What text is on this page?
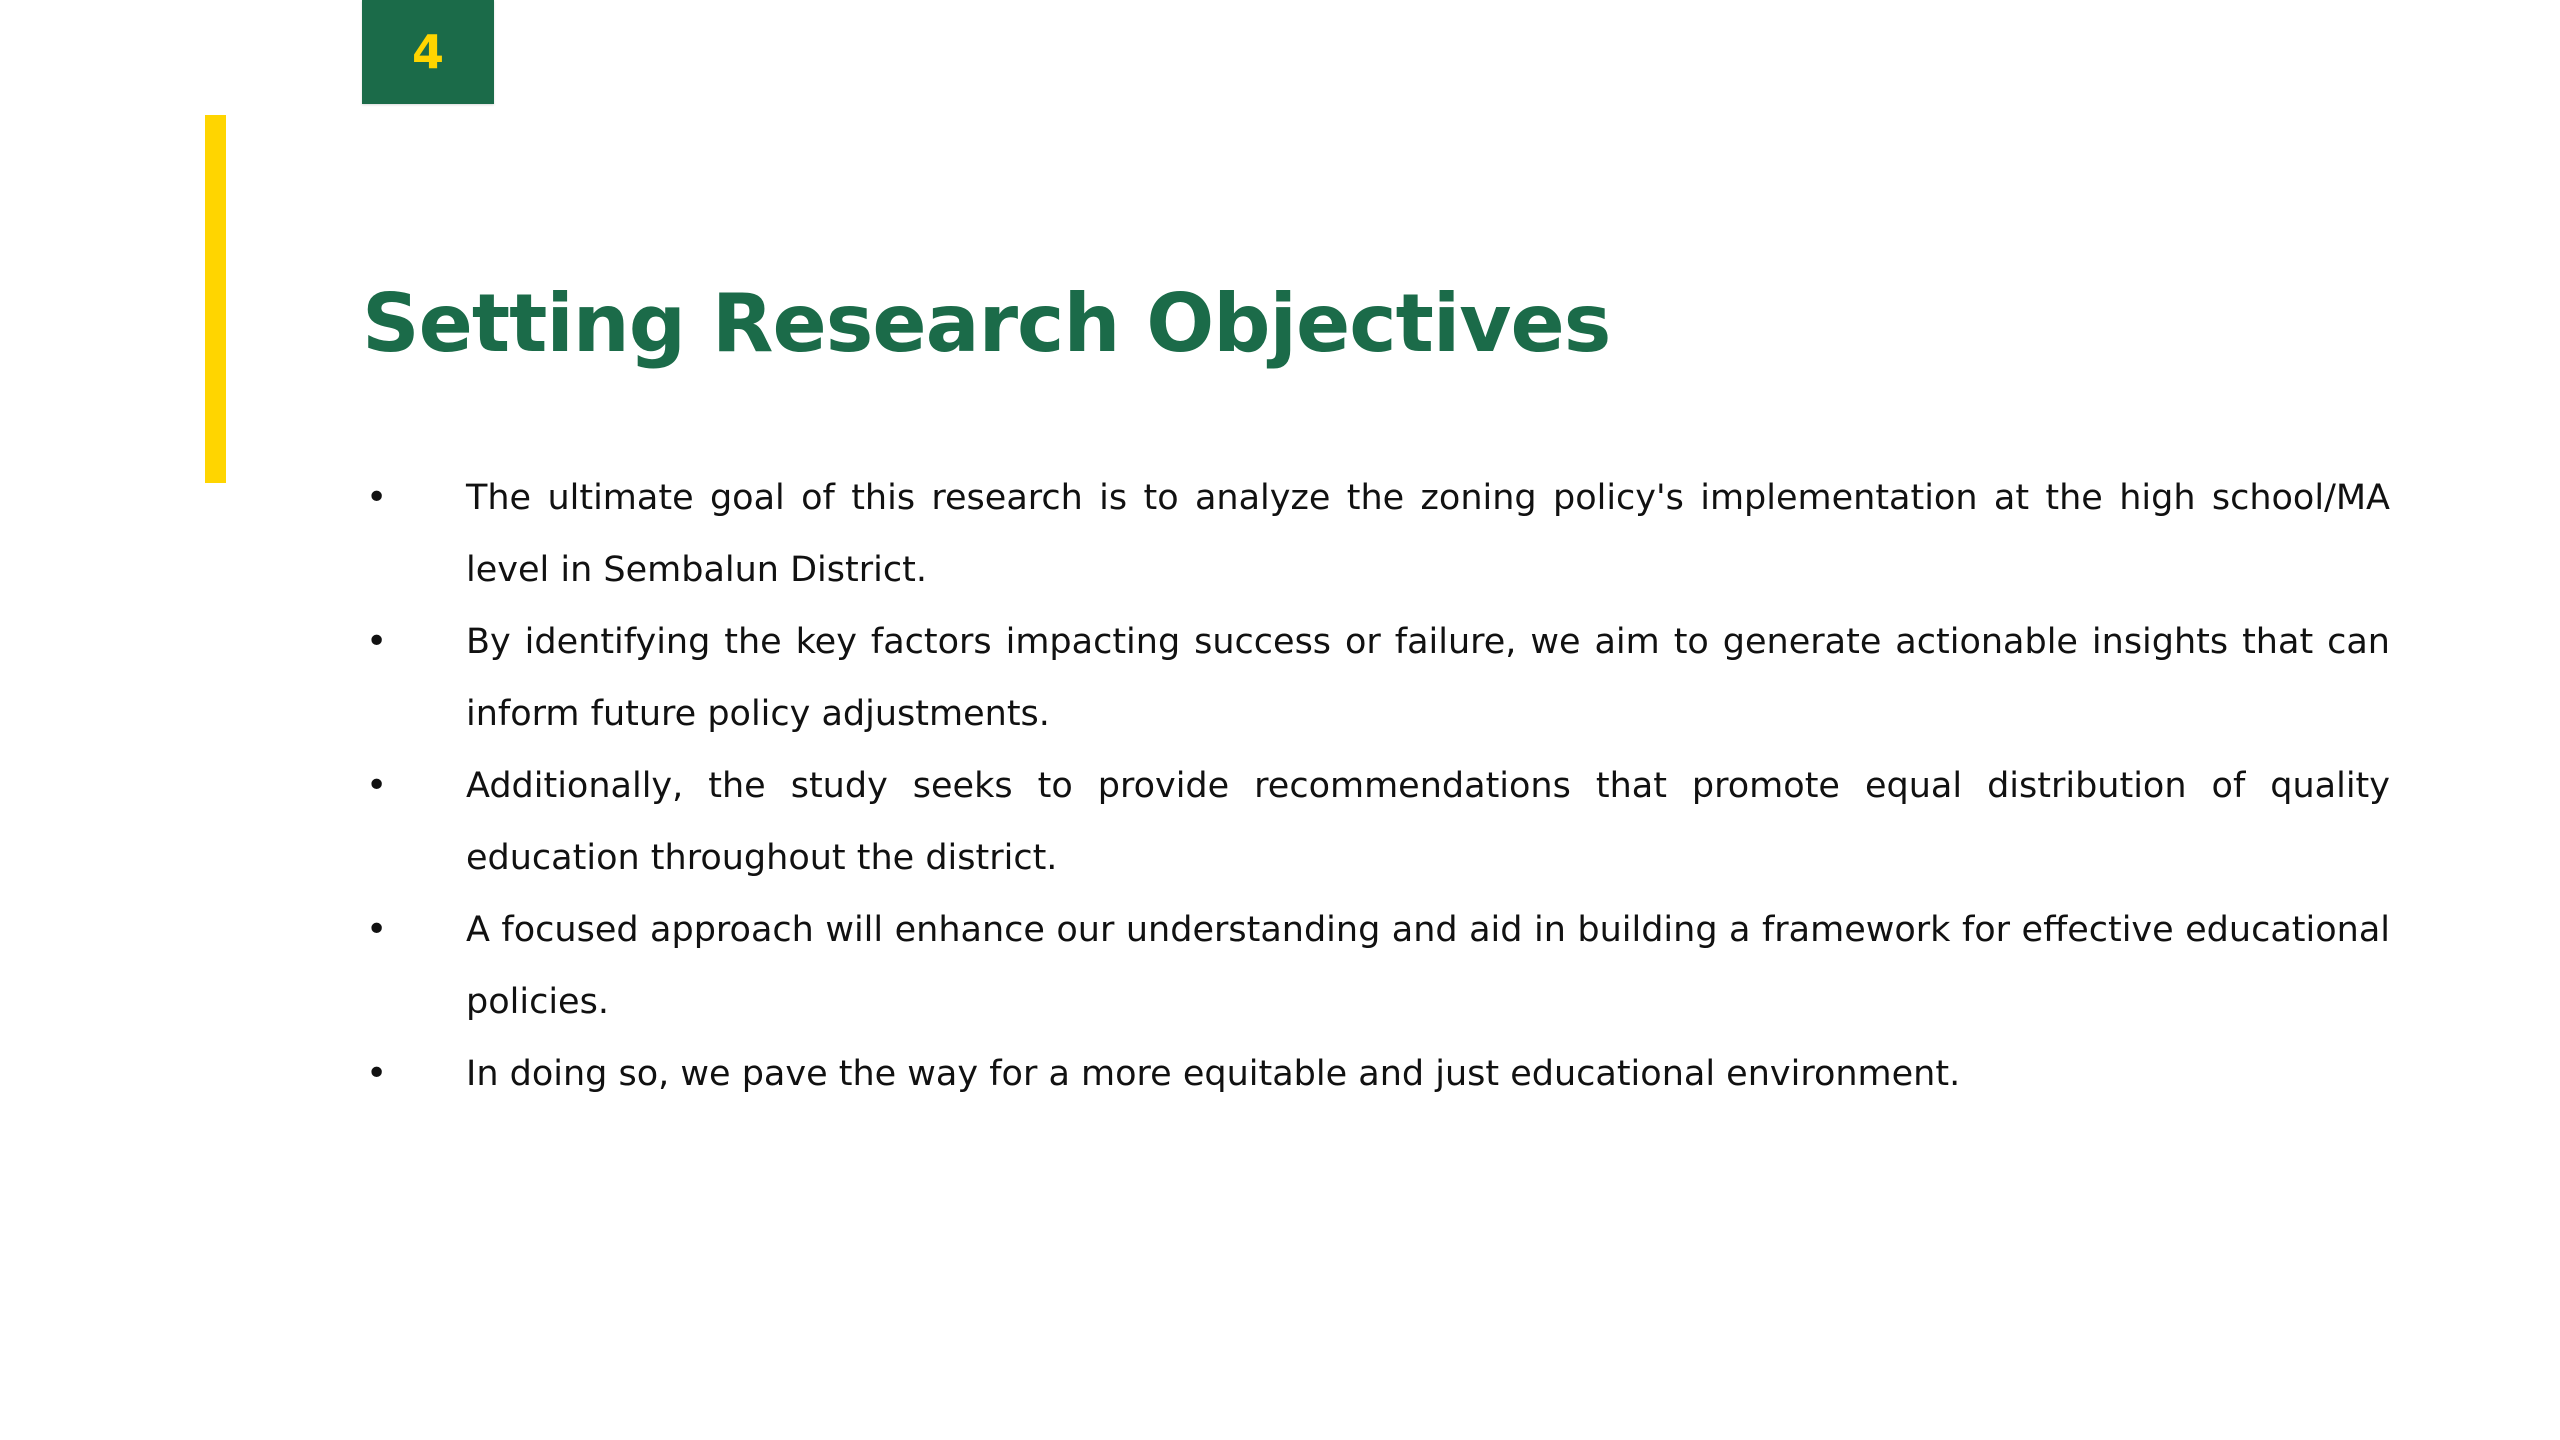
4
Setting Research Objectives
•	The ultimate goal of this research is to analyze the zoning policy's implementation at the high school/MA level in Sembalun District.
•	By identifying the key factors impacting success or failure, we aim to generate actionable insights that can inform future policy adjustments.
•	Additionally, the study seeks to provide recommendations that promote equal distribution of quality education throughout the district.
•	A focused approach will enhance our understanding and aid in building a framework for effective educational policies.
•	In doing so, we pave the way for a more equitable and just educational environment.
